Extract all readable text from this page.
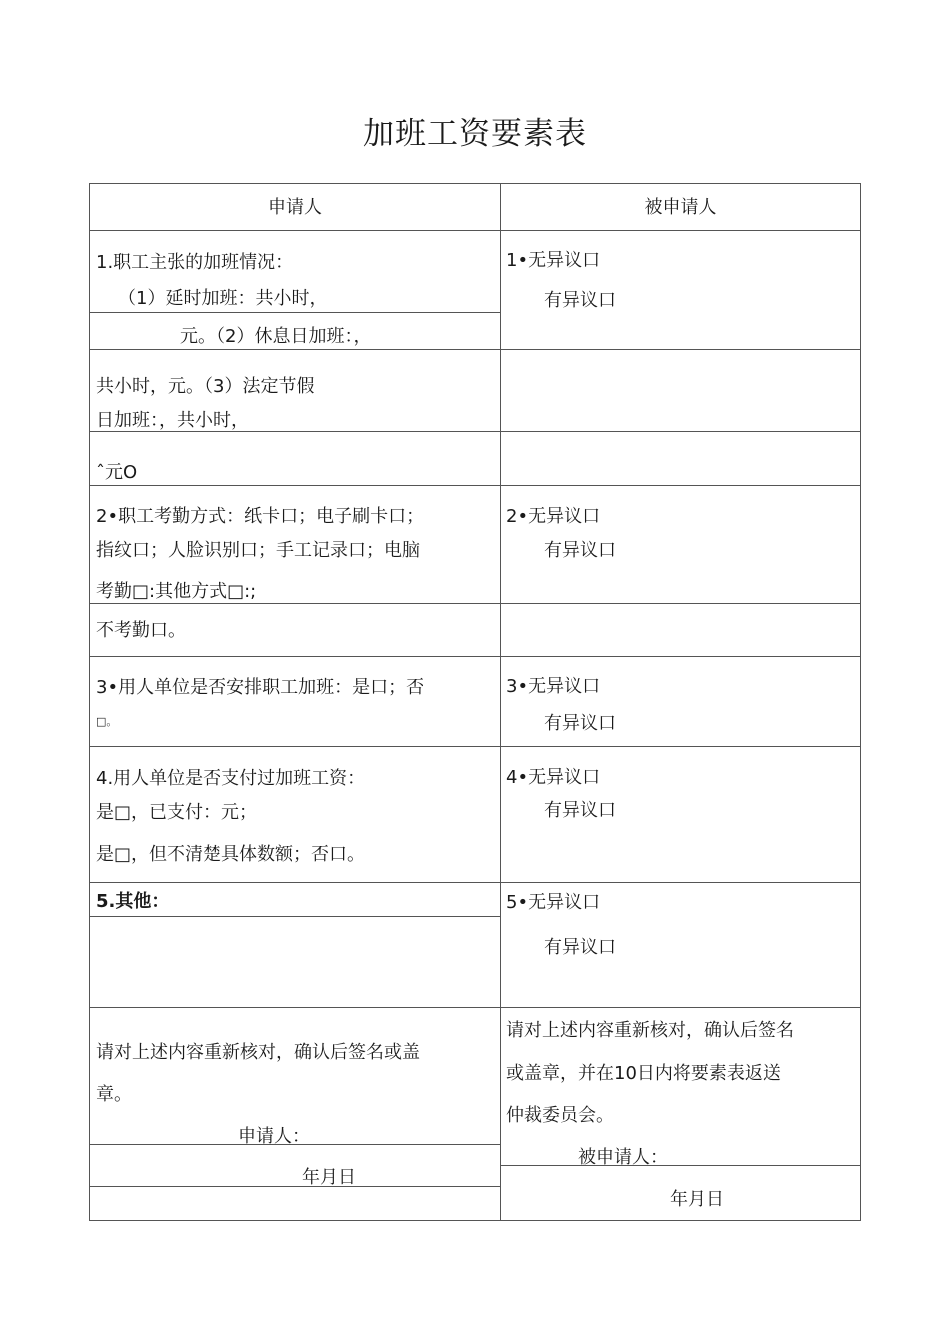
加班工资要素表
申请人	被申请人
1.职工主张的加班情况：
（1）延时加班：共小时，
元。（2）休息日加班：，
共小时，元。（3）法定节假
日加班：，共小时，
ˆ元O
2•职工考勤方式：纸卡口；电子刷卡口；
指纹口；人脸识别口；手工记录口；电脑
考勤□:其他方式□:;
不考勤口。
3•用人单位是否安排职工加班：是口；否
□。
4.用人单位是否支付过加班工资：
是□，已支付：元；
是□，但不清楚具体数额；否口。
5.其他：
请对上述内容重新核对，确认后签名或盖
章。
申请人：
年月日
1•无异议口
有异议口
2•无异议口
有异议口
3•无异议口
有异议口
4•无异议口
有异议口
5•无异议口
有异议口
请对上述内容重新核对，确认后签名
或盖章，并在10日内将要素表返送
仲裁委员会。
被申请人：
年月日
